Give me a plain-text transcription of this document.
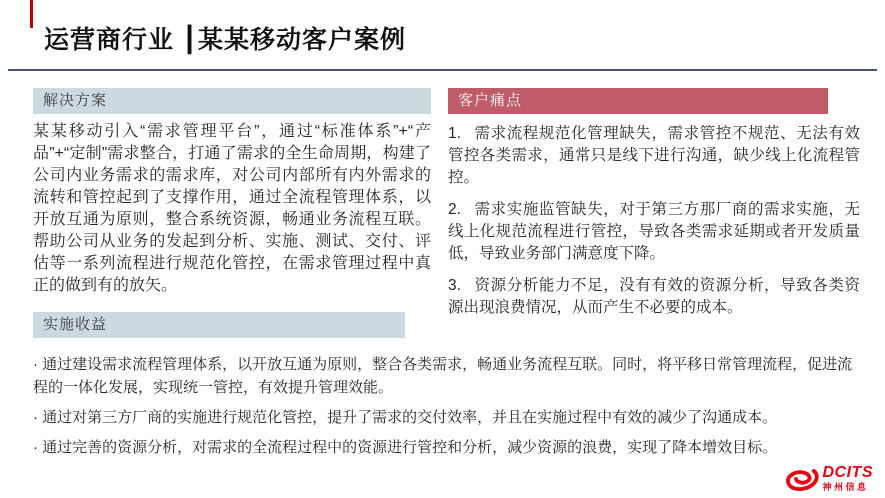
运营商行业 ┃某某移动客户案例
解决方案

某某移动引入“需求管理平台”，通过“标准体系”+“产品”+“定制”需求整合，打通了需求的全生命周期，构建了公司内业务需求的需求库，对公司内部所有内外需求的流转和管控起到了支撑作用，通过全流程管理体系，以开放互通为原则，整合系统资源，畅通业务流程互联。帮助公司从业务的发起到分析、实施、测试、交付、评估等一系列流程进行规范化管控，在需求管理过程中真正的做到有的放矢。

客户痛点

1. 需求流程规范化管理缺失，需求管控不规范、无法有效管控各类需求，通常只是线下进行沟通，缺少线上化流程管控。

2. 需求实施监管缺失，对于第三方那厂商的需求实施，无线上化规范流程进行管控，导致各类需求延期或者开发质量低，导致业务部门满意度下降。

3. 资源分析能力不足，没有有效的资源分析，导致各类资源出现浪费情况，从而产生不必要的成本。

实施收益

· 通过建设需求流程管理体系，以开放互通为原则，整合各类需求，畅通业务流程互联。同时，将平移日常管理流程，促进流程的一体化发展，实现统一管控，有效提升管理效能。

· 通过对第三方厂商的实施进行规范化管控，提升了需求的交付效率，并且在实施过程中有效的减少了沟通成本。

· 通过完善的资源分析，对需求的全流程过程中的资源进行管控和分析，减少资源的浪费，实现了降本增效目标。

DCITS
神州信息
